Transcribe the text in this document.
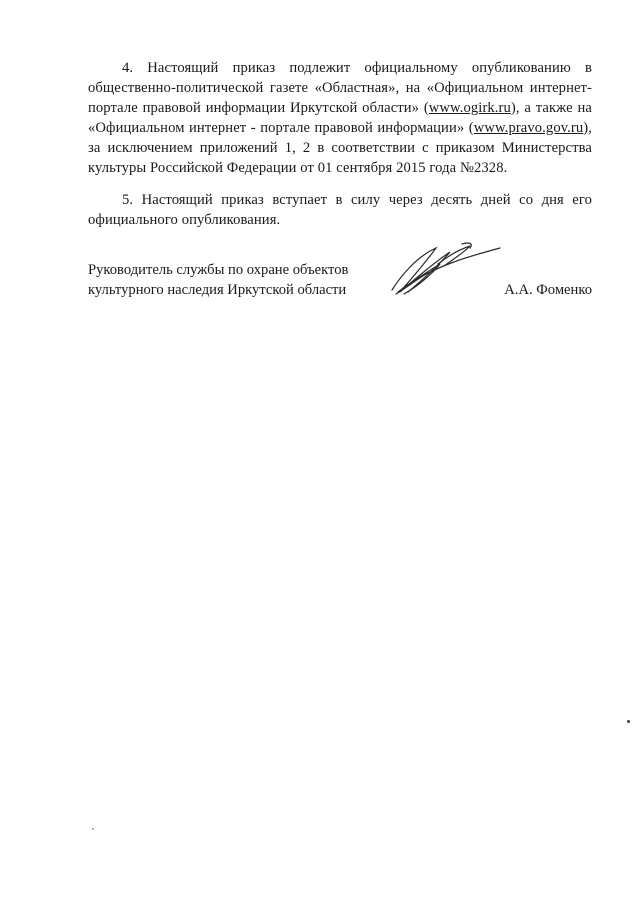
4. Настоящий приказ подлежит официальному опубликованию в общественно-политической газете «Областная», на «Официальном интернет-портале правовой информации Иркутской области» (www.ogirk.ru), а также на «Официальном интернет - портале правовой информации» (www.pravo.gov.ru), за исключением приложений 1, 2 в соответствии с приказом Министерства культуры Российской Федерации от 01 сентября 2015 года №2328.
5. Настоящий приказ вступает в силу через десять дней со дня его официального опубликования.
Руководитель службы по охране объектов
культурного наследия Иркутской области	А.А. Фоменко
